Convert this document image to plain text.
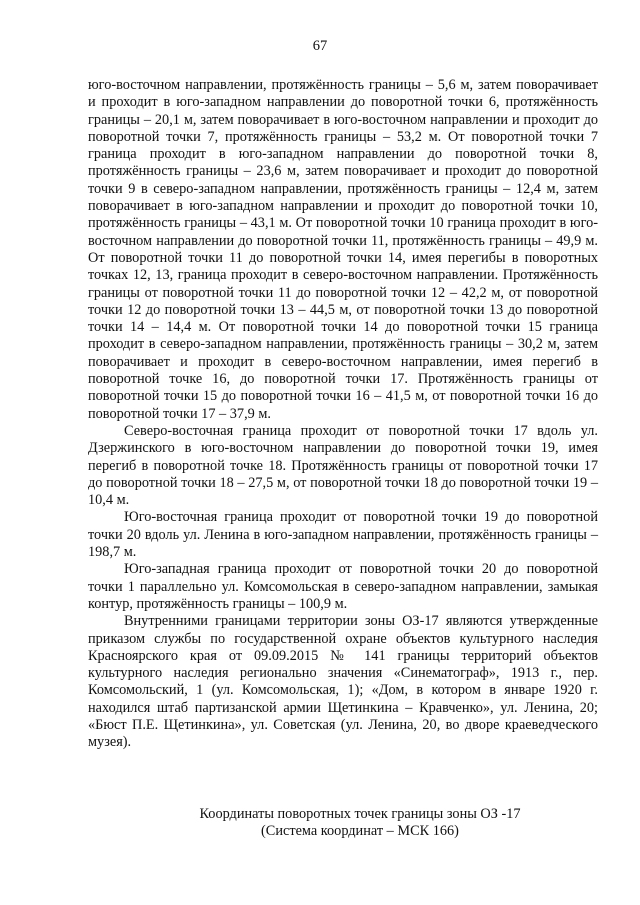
67

юго-восточном направлении, протяжённость границы – 5,6 м, затем поворачивает и проходит в юго-западном направлении до поворотной точки 6, протяжённость границы – 20,1 м, затем поворачивает в юго-восточном направлении и проходит до поворотной точки 7, протяжённость границы – 53,2 м. От поворотной точки 7 граница проходит в юго-западном направлении до поворотной точки 8, протяжённость границы – 23,6 м, затем поворачивает и проходит до поворотной точки 9 в северо-западном направлении, протяжённость границы – 12,4 м, затем поворачивает в юго-западном направлении и проходит до поворотной точки 10, протяжённость границы – 43,1 м. От поворотной точки 10 граница проходит в юго-восточном направлении до поворотной точки 11, протяжённость границы – 49,9 м. От поворотной точки 11 до поворотной точки 14, имея перегибы в поворотных точках 12, 13, граница проходит в северо-восточном направлении. Протяжённость границы от поворотной точки 11 до поворотной точки 12 – 42,2 м, от поворотной точки 12 до поворотной точки 13 – 44,5 м, от поворотной точки 13 до поворотной точки 14 – 14,4 м. От поворотной точки 14 до поворотной точки 15 граница проходит в северо-западном направлении, протяжённость границы – 30,2 м, затем поворачивает и проходит в северо-восточном направлении, имея перегиб в поворотной точке 16, до поворотной точки 17. Протяжённость границы от поворотной точки 15 до поворотной точки 16 – 41,5 м, от поворотной точки 16 до поворотной точки 17 – 37,9 м.

Северо-восточная граница проходит от поворотной точки 17 вдоль ул. Дзержинского в юго-восточном направлении до поворотной точки 19, имея перегиб в поворотной точке 18. Протяжённость границы от поворотной точки 17 до поворотной точки 18 – 27,5 м, от поворотной точки 18 до поворотной точки 19 – 10,4 м.

Юго-восточная граница проходит от поворотной точки 19 до поворотной точки 20 вдоль ул. Ленина в юго-западном направлении, протяжённость границы – 198,7 м.

Юго-западная граница проходит от поворотной точки 20 до поворотной точки 1 параллельно ул. Комсомольская в северо-западном направлении, замыкая контур, протяжённость границы – 100,9 м.

Внутренними границами территории зоны ОЗ-17 являются утвержденные приказом службы по государственной охране объектов культурного наследия Красноярского края от 09.09.2015 № 141 границы территорий объектов культурного наследия регионально значения «Синематограф», 1913 г., пер. Комсомольский, 1 (ул. Комсомольская, 1); «Дом, в котором в январе 1920 г. находился штаб партизанской армии Щетинкина – Кравченко», ул. Ленина, 20; «Бюст П.Е. Щетинкина», ул. Советская (ул. Ленина, 20, во дворе краеведческого музея).

Координаты поворотных точек границы зоны ОЗ -17
(Система координат – МСК 166)
